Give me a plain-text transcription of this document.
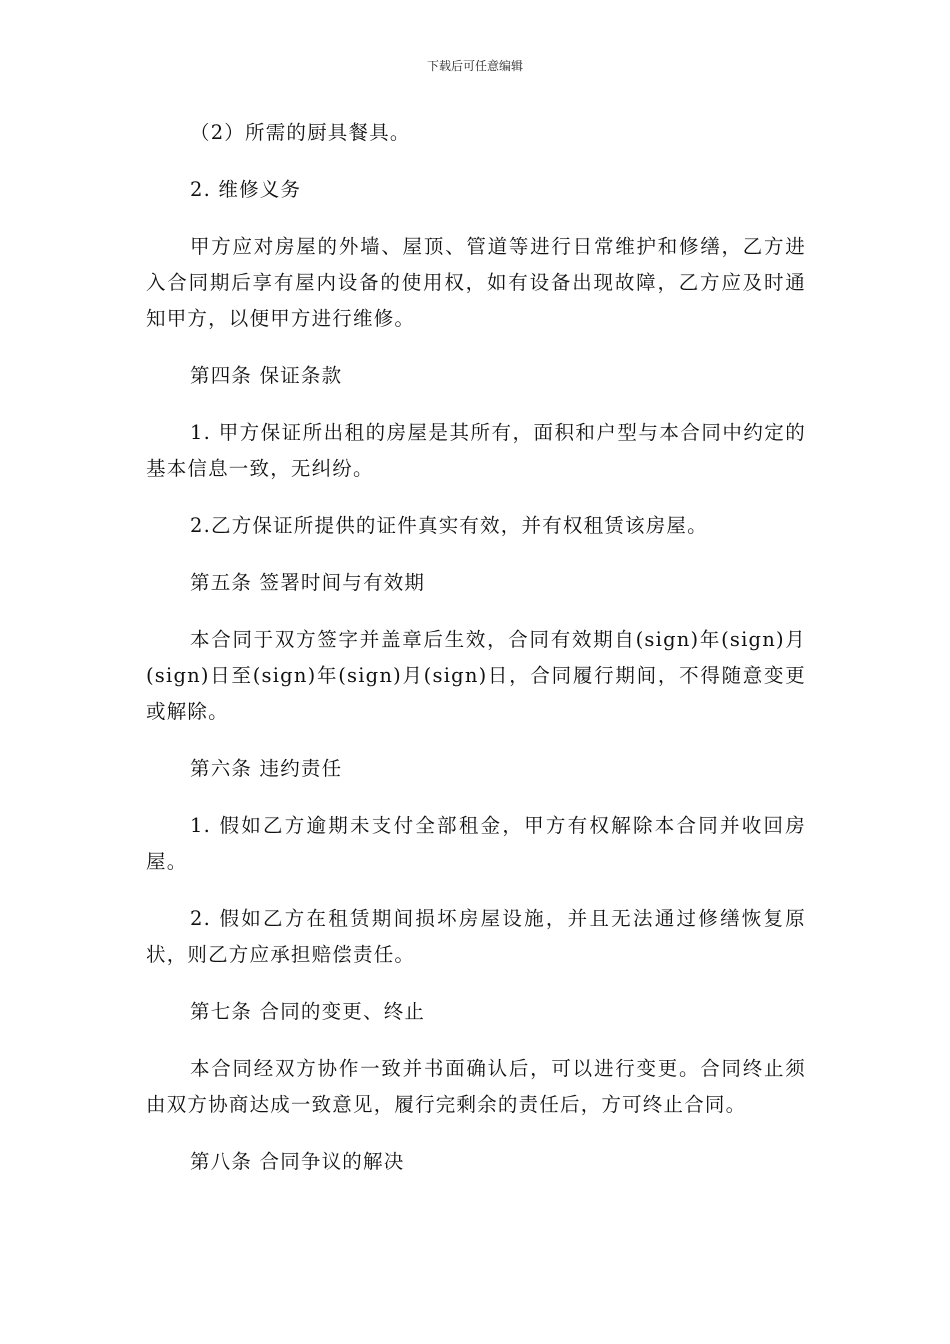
下载后可任意编辑

（2）所需的厨具餐具。

2. 维修义务

甲方应对房屋的外墙、屋顶、管道等进行日常维护和修缮，乙方进入合同期后享有屋内设备的使用权，如有设备出现故障，乙方应及时通知甲方，以便甲方进行维修。

第四条 保证条款

1. 甲方保证所出租的房屋是其所有，面积和户型与本合同中约定的基本信息一致，无纠纷。

2.乙方保证所提供的证件真实有效，并有权租赁该房屋。

第五条 签署时间与有效期

本合同于双方签字并盖章后生效，合同有效期自(sign)年(sign)月(sign)日至(sign)年(sign)月(sign)日，合同履行期间，不得随意变更或解除。

第六条 违约责任

1. 假如乙方逾期未支付全部租金，甲方有权解除本合同并收回房屋。

2. 假如乙方在租赁期间损坏房屋设施，并且无法通过修缮恢复原状，则乙方应承担赔偿责任。

第七条 合同的变更、终止

本合同经双方协作一致并书面确认后，可以进行变更。合同终止须由双方协商达成一致意见，履行完剩余的责任后，方可终止合同。

第八条 合同争议的解决
